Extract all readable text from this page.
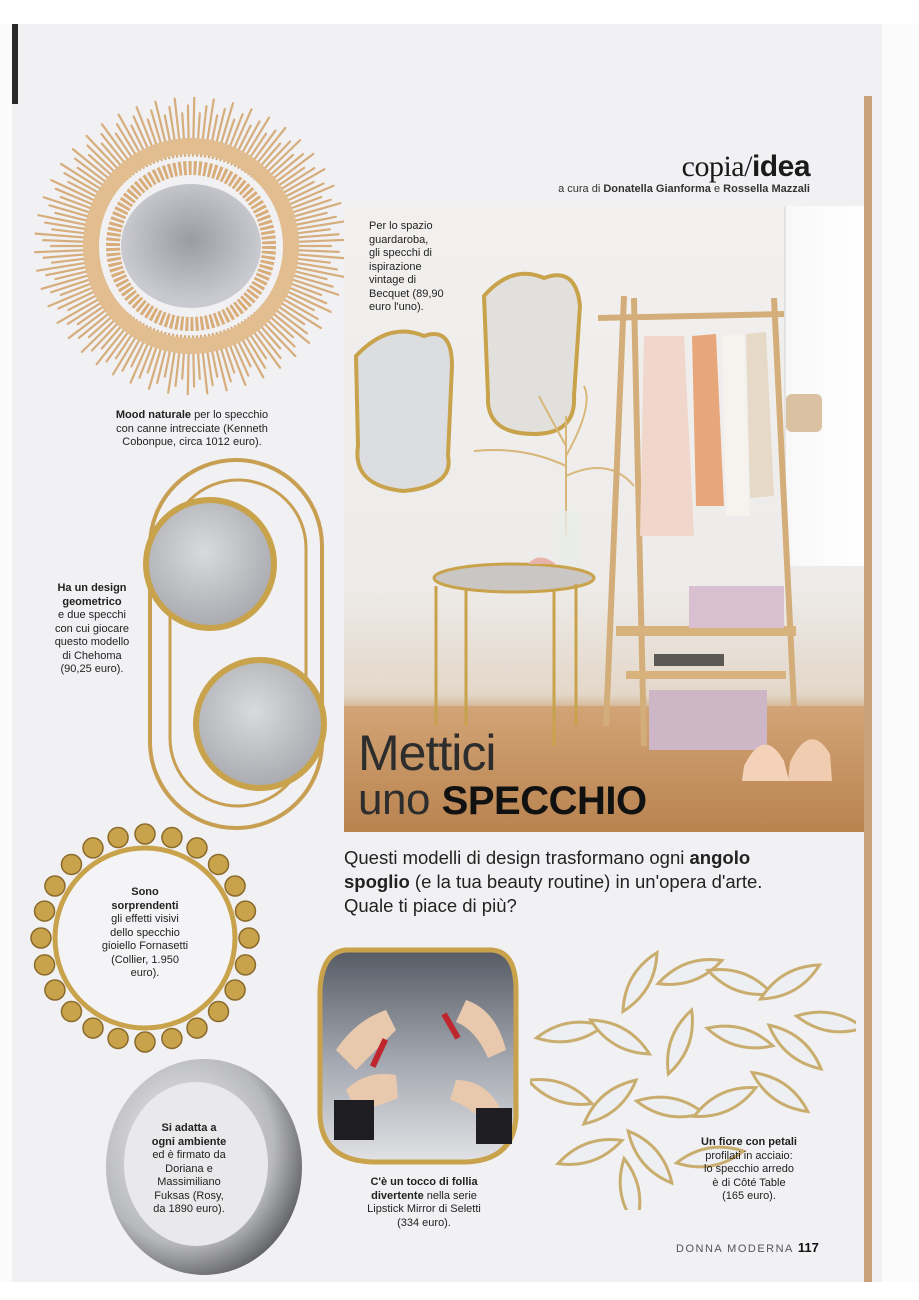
copia/idea
a cura di Donatella Gianforma e Rossella Mazzali
Mood naturale per lo specchio
con canne intrecciate (Kenneth
Cobonpue, circa 1012 euro).
Ha un design
geometrico
e due specchi
con cui giocare
questo modello
di Chehoma
(90,25 euro).
Per lo spazio
guardaroba,
gli specchi di
ispirazione
vintage di
Becquet (89,90
euro l'uno).
Mettici
uno SPECCHIO
Questi modelli di design trasformano ogni angolo spoglio (e la tua beauty routine) in un'opera d'arte. Quale ti piace di più?
Sono
sorprendenti
gli effetti visivi
dello specchio
gioiello Fornasetti
(Collier, 1.950
euro).
Si adatta a
ogni ambiente
ed è firmato da
Doriana e
Massimiliano
Fuksas (Rosy,
da 1890 euro).
C'è un tocco di follia
divertente nella serie
Lipstick Mirror di Seletti
(334 euro).
Un fiore con petali
profilati in acciaio:
lo specchio arredo
è di Côté Table
(165 euro).
DONNA MODERNA 117
